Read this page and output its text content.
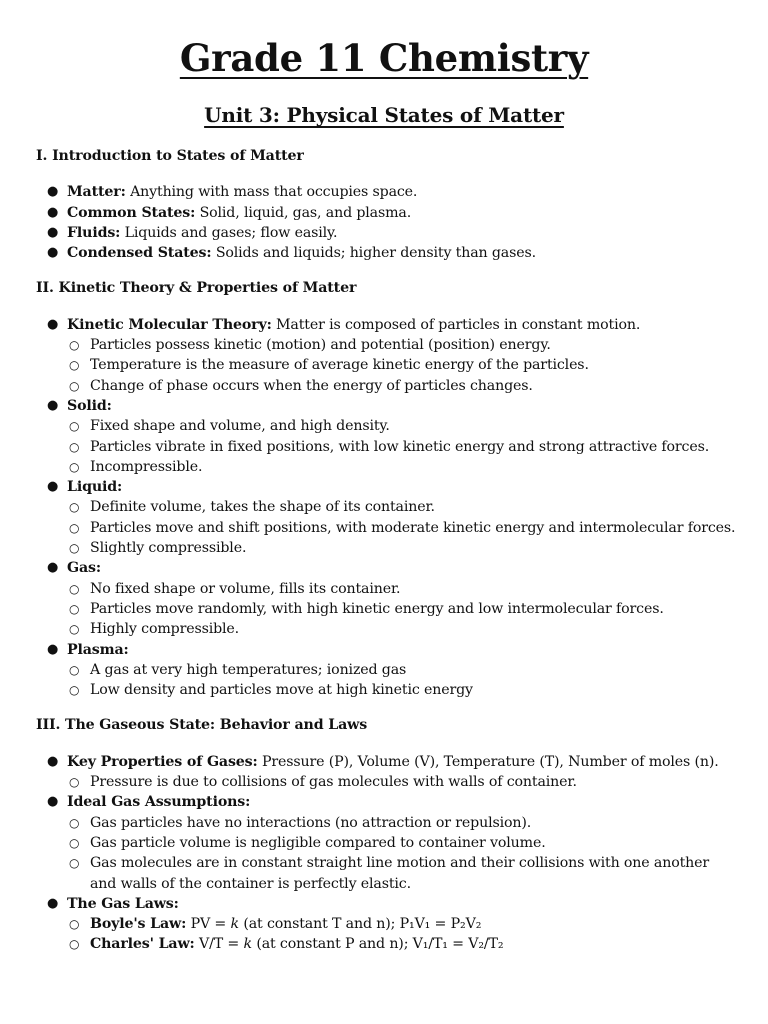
Grade 11 Chemistry
Unit 3: Physical States of Matter
I. Introduction to States of Matter
● Matter: Anything with mass that occupies space.
● Common States: Solid, liquid, gas, and plasma.
● Fluids: Liquids and gases; flow easily.
● Condensed States: Solids and liquids; higher density than gases.
II. Kinetic Theory & Properties of Matter
● Kinetic Molecular Theory: Matter is composed of particles in constant motion.
○ Particles possess kinetic (motion) and potential (position) energy.
○ Temperature is the measure of average kinetic energy of the particles.
○ Change of phase occurs when the energy of particles changes.
● Solid:
○ Fixed shape and volume, and high density.
○ Particles vibrate in fixed positions, with low kinetic energy and strong attractive forces.
○ Incompressible.
● Liquid:
○ Definite volume, takes the shape of its container.
○ Particles move and shift positions, with moderate kinetic energy and intermolecular forces.
○ Slightly compressible.
● Gas:
○ No fixed shape or volume, fills its container.
○ Particles move randomly, with high kinetic energy and low intermolecular forces.
○ Highly compressible.
● Plasma:
○ A gas at very high temperatures; ionized gas
○ Low density and particles move at high kinetic energy
III. The Gaseous State: Behavior and Laws
● Key Properties of Gases: Pressure (P), Volume (V), Temperature (T), Number of moles (n).
○ Pressure is due to collisions of gas molecules with walls of container.
● Ideal Gas Assumptions:
○ Gas particles have no interactions (no attraction or repulsion).
○ Gas particle volume is negligible compared to container volume.
○ Gas molecules are in constant straight line motion and their collisions with one another and walls of the container is perfectly elastic.
● The Gas Laws:
○ Boyle's Law: PV = k (at constant T and n); P₁V₁ = P₂V₂
○ Charles' Law: V/T = k (at constant P and n); V₁/T₁ = V₂/T₂
